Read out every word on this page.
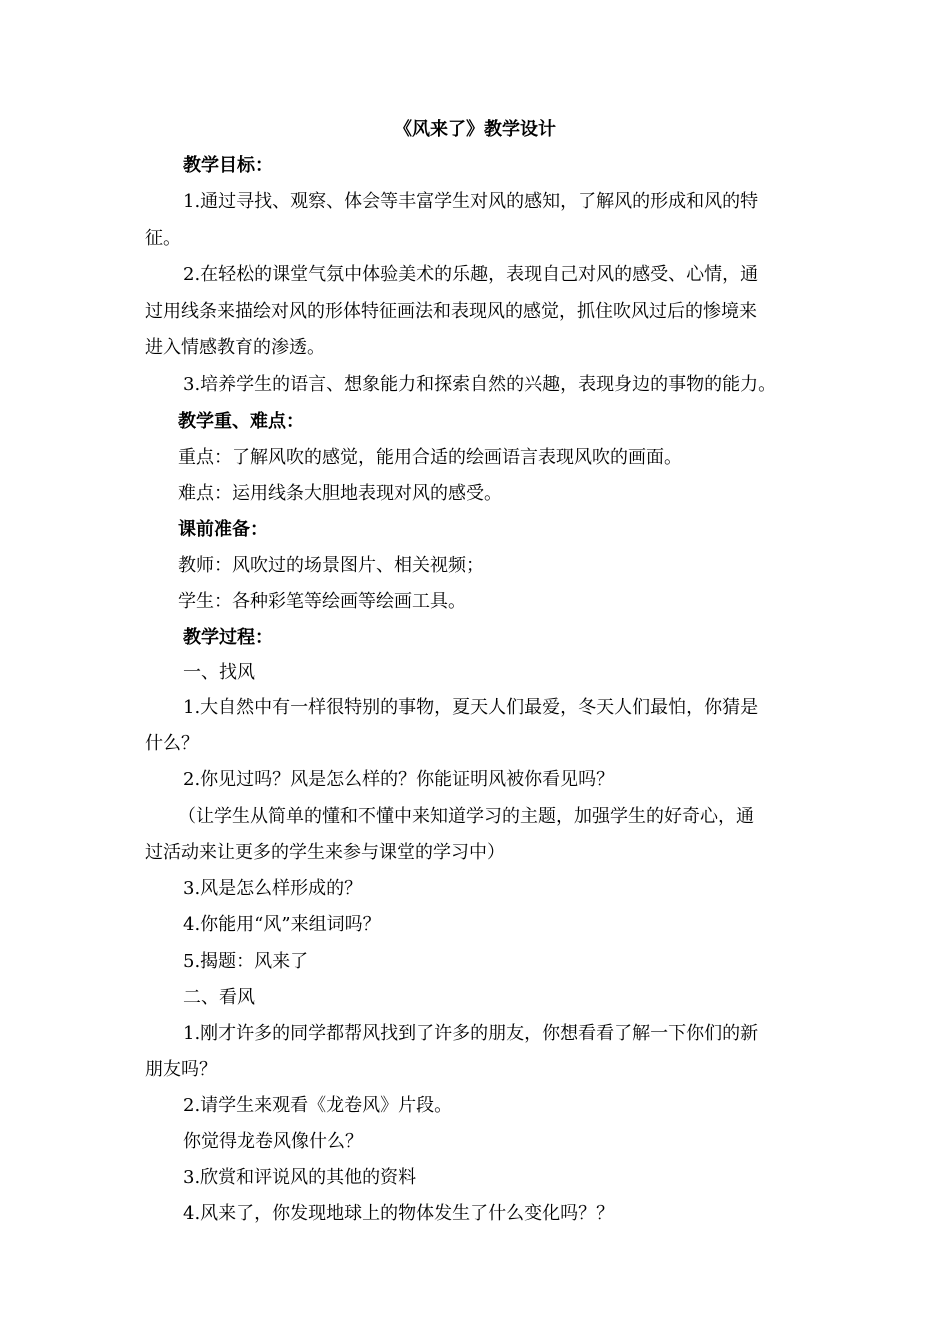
《风来了》教学设计
教学目标：
1.通过寻找、观察、体会等丰富学生对风的感知，了解风的形成和风的特
征。
2.在轻松的课堂气氛中体验美术的乐趣，表现自己对风的感受、心情，通
过用线条来描绘对风的形体特征画法和表现风的感觉，抓住吹风过后的惨境来
进入情感教育的渗透。
3.培养学生的语言、想象能力和探索自然的兴趣，表现身边的事物的能力。
教学重、难点：
重点：了解风吹的感觉，能用合适的绘画语言表现风吹的画面。
难点：运用线条大胆地表现对风的感受。
课前准备：
教师：风吹过的场景图片、相关视频；
学生：各种彩笔等绘画等绘画工具。
教学过程：
一、找风
1.大自然中有一样很特别的事物，夏天人们最爱，冬天人们最怕，你猜是
什么？
2.你见过吗？风是怎么样的？你能证明风被你看见吗？
（让学生从简单的懂和不懂中来知道学习的主题，加强学生的好奇心，通
过活动来让更多的学生来参与课堂的学习中）
3.风是怎么样形成的？
4.你能用“风”来组词吗？
5.揭题：风来了
二、看风
1.刚才许多的同学都帮风找到了许多的朋友，你想看看了解一下你们的新
朋友吗？
2.请学生来观看《龙卷风》片段。
你觉得龙卷风像什么？
3.欣赏和评说风的其他的资料
4.风来了，你发现地球上的物体发生了什么变化吗？？
